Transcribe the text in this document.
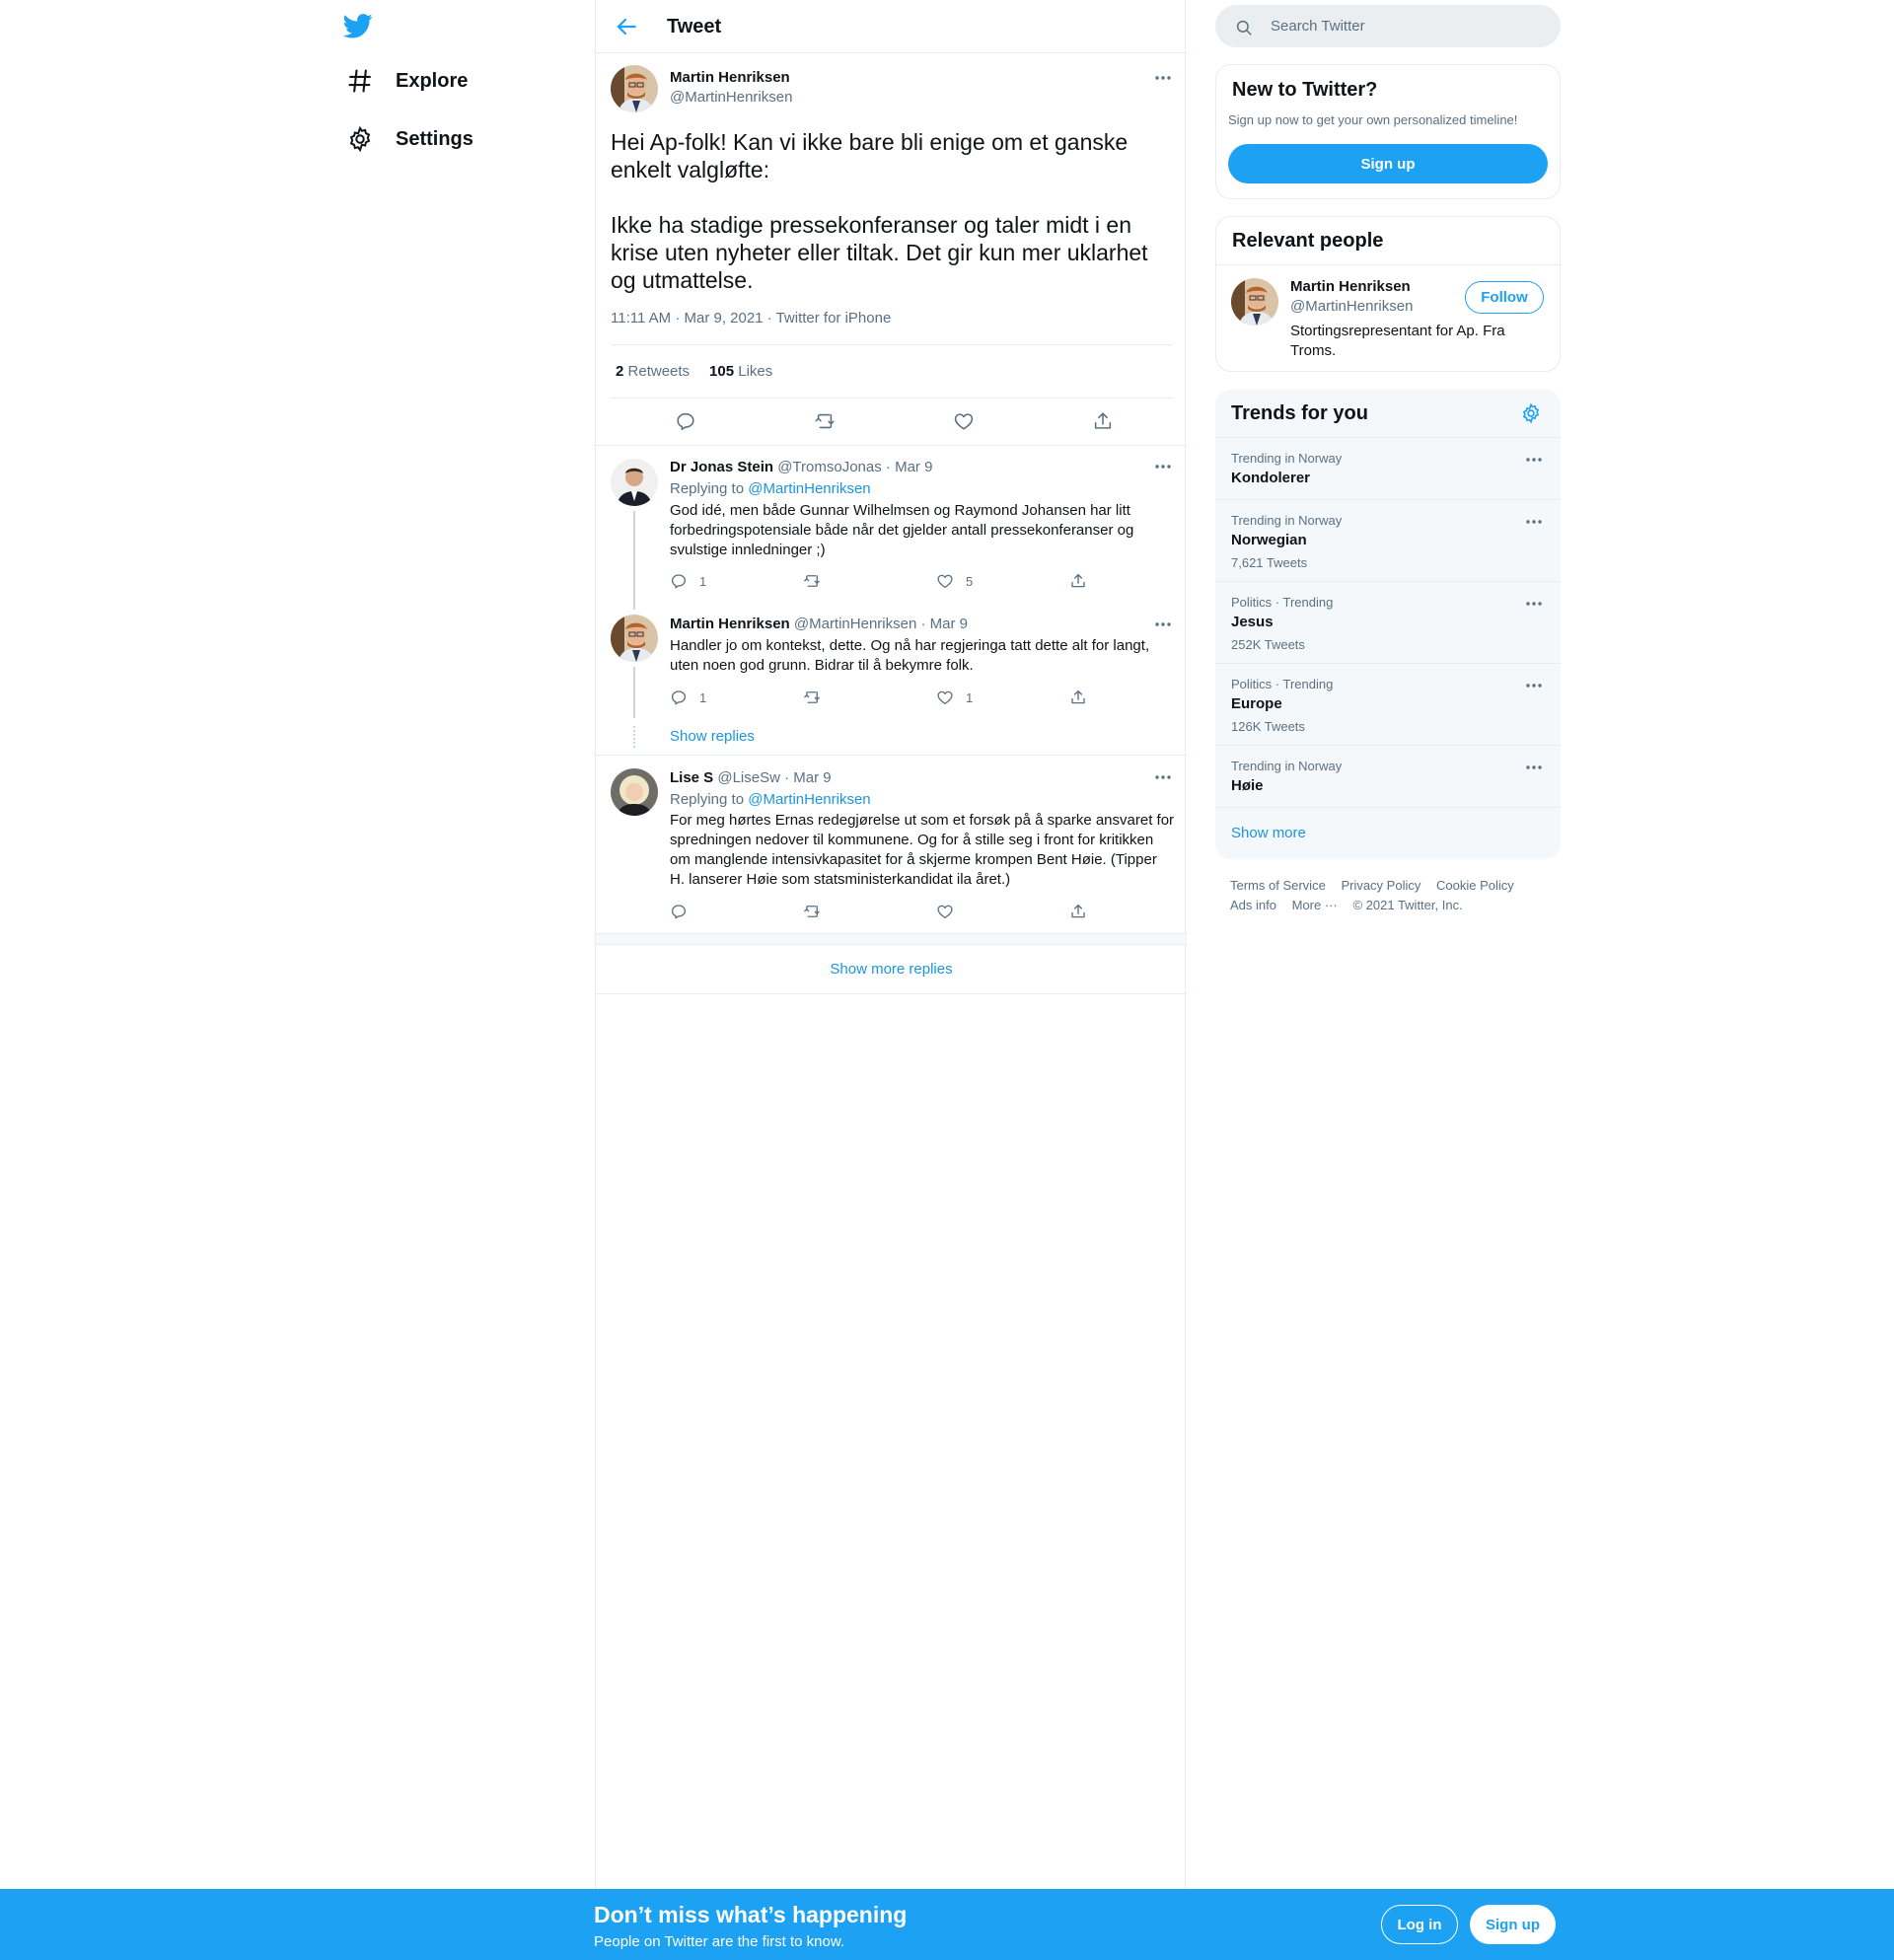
Explore
Settings
Tweet
Martin Henriksen
@MartinHenriksen
Hei Ap-folk! Kan vi ikke bare bli enige om et ganske enkelt valgløfte:

Ikke ha stadige pressekonferanser og taler midt i en krise uten nyheter eller tiltak. Det gir kun mer uklarhet og utmattelse.
11:11 AM · Mar 9, 2021 · Twitter for iPhone
2 Retweets 105 Likes
Dr Jonas Stein @TromsoJonas · Mar 9
Replying to @MartinHenriksen
God idé, men både Gunnar Wilhelmsen og Raymond Johansen har litt forbedringspotensiale både når det gjelder antall pressekonferanser og svulstige innledninger ;)
1	5
Martin Henriksen @MartinHenriksen · Mar 9
Handler jo om kontekst, dette. Og nå har regjeringa tatt dette alt for langt, uten noen god grunn. Bidrar til å bekymre folk.
1	1
Show replies
Lise S @LiseSw · Mar 9
Replying to @MartinHenriksen
For meg hørtes Ernas redegjørelse ut som et forsøk på å sparke ansvaret for spredningen nedover til kommunene. Og for å stille seg i front for kritikken om manglende intensivkapasitet for å skjerme krompen Bent Høie. (Tipper H. lanserer Høie som statsministerkandidat ila året.)
Show more replies
Search Twitter
New to Twitter?
Sign up now to get your own personalized timeline!
Sign up
Relevant people
Martin Henriksen
@MartinHenriksen
Stortingsrepresentant for Ap. Fra Troms.
Follow
Trends for you
Trending in Norway
Kondolerer
Trending in Norway
Norwegian
7,621 Tweets
Politics · Trending
Jesus
252K Tweets
Politics · Trending
Europe
126K Tweets
Trending in Norway
Høie
Show more
Terms of Service Privacy Policy Cookie Policy
Ads info More ··· © 2021 Twitter, Inc.
Don’t miss what’s happening
People on Twitter are the first to know.
Log in	Sign up
